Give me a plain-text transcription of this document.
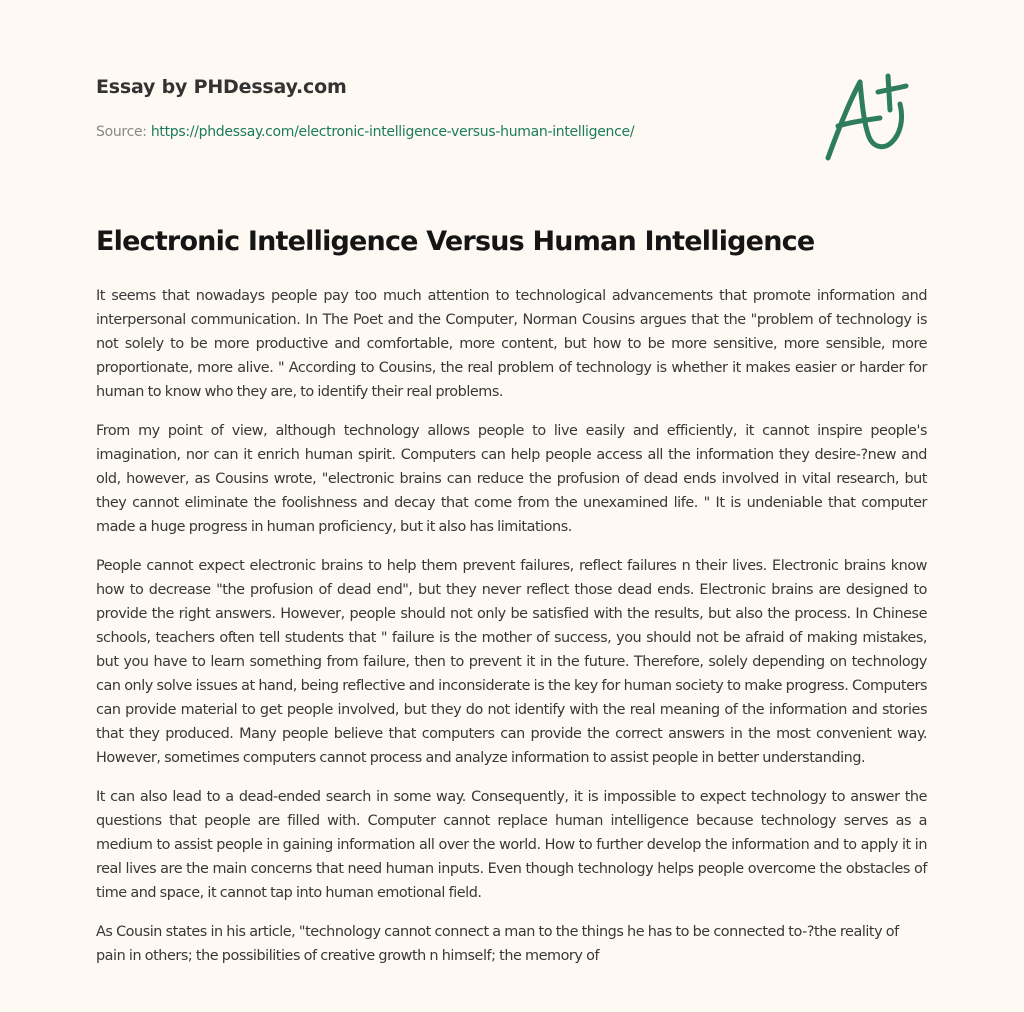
Essay by PHDessay.com
Source: https://phdessay.com/electronic-intelligence-versus-human-intelligence/
Electronic Intelligence Versus Human Intelligence

It seems that nowadays people pay too much attention to technological advancements that promote information and interpersonal communication. In The Poet and the Computer, Norman Cousins argues that the "problem of technology is not solely to be more productive and comfortable, more content, but how to be more sensitive, more sensible, more proportionate, more alive. " According to Cousins, the real problem of technology is whether it makes easier or harder for human to know who they are, to identify their real problems.

From my point of view, although technology allows people to live easily and efficiently, it cannot inspire people's imagination, nor can it enrich human spirit. Computers can help people access all the information they desire-?new and old, however, as Cousins wrote, "electronic brains can reduce the profusion of dead ends involved in vital research, but they cannot eliminate the foolishness and decay that come from the unexamined life. " It is undeniable that computer made a huge progress in human proficiency, but it also has limitations.

People cannot expect electronic brains to help them prevent failures, reflect failures n their lives. Electronic brains know how to decrease "the profusion of dead end", but they never reflect those dead ends. Electronic brains are designed to provide the right answers. However, people should not only be satisfied with the results, but also the process. In Chinese schools, teachers often tell students that " failure is the mother of success, you should not be afraid of making mistakes, but you have to learn something from failure, then to prevent it in the future. Therefore, solely depending on technology can only solve issues at hand, being reflective and inconsiderate is the key for human society to make progress. Computers can provide material to get people involved, but they do not identify with the real meaning of the information and stories that they produced. Many people believe that computers can provide the correct answers in the most convenient way. However, sometimes computers cannot process and analyze information to assist people in better understanding.

It can also lead to a dead-ended search in some way. Consequently, it is impossible to expect technology to answer the questions that people are filled with. Computer cannot replace human intelligence because technology serves as a medium to assist people in gaining information all over the world. How to further develop the information and to apply it in real lives are the main concerns that need human inputs. Even though technology helps people overcome the obstacles of time and space, it cannot tap into human emotional field.

As Cousin states in his article, "technology cannot connect a man to the things he has to be connected to-?the reality of pain in others; the possibilities of creative growth n himself; the memory of
